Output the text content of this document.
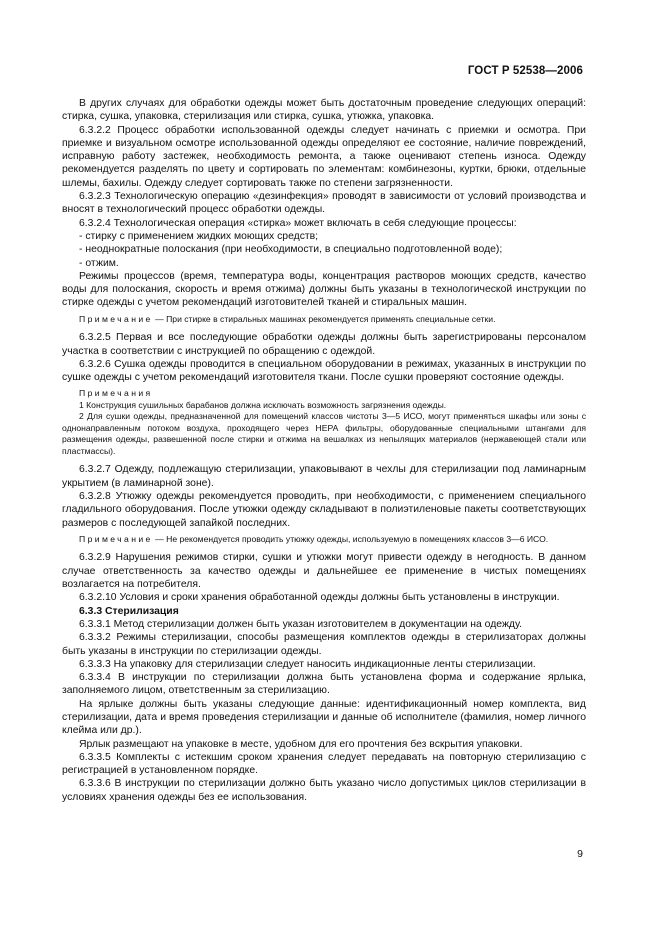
ГОСТ Р 52538—2006

В других случаях для обработки одежды может быть достаточным проведение следующих операций: стирка, сушка, упаковка, стерилизация или стирка, сушка, утюжка, упаковка.

6.3.2.2 Процесс обработки использованной одежды следует начинать с приемки и осмотра. При приемке и визуальном осмотре использованной одежды определяют ее состояние, наличие повреждений, исправную работу застежек, необходимость ремонта, а также оценивают степень износа. Одежду рекомендуется разделять по цвету и сортировать по элементам: комбинезоны, куртки, брюки, отдельные шлемы, бахилы. Одежду следует сортировать также по степени загрязненности.

6.3.2.3 Технологическую операцию «дезинфекция» проводят в зависимости от условий производства и вносят в технологический процесс обработки одежды.

6.3.2.4 Технологическая операция «стирка» может включать в себя следующие процессы:

- стирку с применением жидких моющих средств;

- неоднократные полоскания (при необходимости, в специально подготовленной воде);

- отжим.

Режимы процессов (время, температура воды, концентрация растворов моющих средств, качество воды для полоскания, скорость и время отжима) должны быть указаны в технологической инструкции по стирке одежды с учетом рекомендаций изготовителей тканей и стиральных машин.

Примечание — При стирке в стиральных машинах рекомендуется применять специальные сетки.

6.3.2.5 Первая и все последующие обработки одежды должны быть зарегистрированы персоналом участка в соответствии с инструкцией по обращению с одеждой.

6.3.2.6 Сушка одежды проводится в специальном оборудовании в режимах, указанных в инструкции по сушке одежды с учетом рекомендаций изготовителя ткани. После сушки проверяют состояние одежды.

Примечания

1 Конструкция сушильных барабанов должна исключать возможность загрязнения одежды.

2 Для сушки одежды, предназначенной для помещений классов чистоты 3—5 ИСО, могут применяться шкафы или зоны с однонаправленным потоком воздуха, проходящего через НЕРА фильтры, оборудованные специальными штангами для размещения одежды, развешенной после стирки и отжима на вешалках из непылящих материалов (нержавеющей стали или пластмассы).

6.3.2.7 Одежду, подлежащую стерилизации, упаковывают в чехлы для стерилизации под ламинарным укрытием (в ламинарной зоне).

6.3.2.8 Утюжку одежды рекомендуется проводить, при необходимости, с применением специального гладильного оборудования. После утюжки одежду складывают в полиэтиленовые пакеты соответствующих размеров с последующей запайкой последних.

Примечание — Не рекомендуется проводить утюжку одежды, используемую в помещениях классов 3—6 ИСО.

6.3.2.9 Нарушения режимов стирки, сушки и утюжки могут привести одежду в негодность. В данном случае ответственность за качество одежды и дальнейшее ее применение в чистых помещениях возлагается на потребителя.

6.3.2.10 Условия и сроки хранения обработанной одежды должны быть установлены в инструкции.

6.3.3 Стерилизация

6.3.3.1 Метод стерилизации должен быть указан изготовителем в документации на одежду.

6.3.3.2 Режимы стерилизации, способы размещения комплектов одежды в стерилизаторах должны быть указаны в инструкции по стерилизации одежды.

6.3.3.3 На упаковку для стерилизации следует наносить индикационные ленты стерилизации.

6.3.3.4 В инструкции по стерилизации должна быть установлена форма и содержание ярлыка, заполняемого лицом, ответственным за стерилизацию.

На ярлыке должны быть указаны следующие данные: идентификационный номер комплекта, вид стерилизации, дата и время проведения стерилизации и данные об исполнителе (фамилия, номер личного клейма или др.).

Ярлык размещают на упаковке в месте, удобном для его прочтения без вскрытия упаковки.

6.3.3.5 Комплекты с истекшим сроком хранения следует передавать на повторную стерилизацию с регистрацией в установленном порядке.

6.3.3.6 В инструкции по стерилизации должно быть указано число допустимых циклов стерилизации в условиях хранения одежды без ее использования.

9
